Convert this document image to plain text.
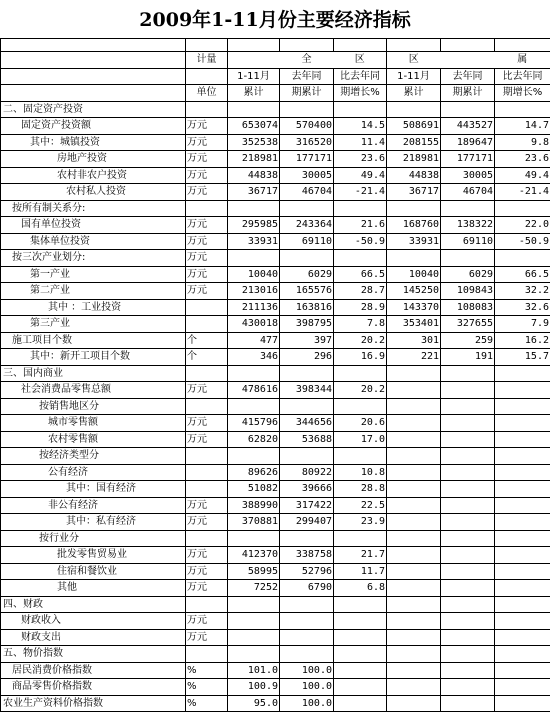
2009年1-11月份主要经济指标

	计量		全	区	区		属
		1-11月	去年同	比去年同	1-11月	去年同	比去年同
	单位	累计	期累计	期增长%	累计	期累计	期增长%
二、固定资产投资							
固定资产投资额	万元	653074	570400	14.5	508691	443527	14.7
其中：城镇投资	万元	352538	316520	11.4	208155	189647	9.8
房地产投资	万元	218981	177171	23.6	218981	177171	23.6
农村非农户投资	万元	44838	30005	49.4	44838	30005	49.4
农村私人投资	万元	36717	46704	-21.4	36717	46704	-21.4
按所有制关系分:							
国有单位投资	万元	295985	243364	21.6	168760	138322	22.0
集体单位投资	万元	33931	69110	-50.9	33931	69110	-50.9
按三次产业划分:	万元						
第一产业	万元	10040	6029	66.5	10040	6029	66.5
第二产业	万元	213016	165576	28.7	145250	109843	32.2
其中 ：工业投资		211136	163816	28.9	143370	108083	32.6
第三产业		430018	398795	7.8	353401	327655	7.9
施工项目个数	个	477	397	20.2	301	259	16.2
其中：新开工项目个数	个	346	296	16.9	221	191	15.7
三、国内商业							
社会消费品零售总额	万元	478616	398344	20.2			
按销售地区分							
城市零售额	万元	415796	344656	20.6			
农村零售额	万元	62820	53688	17.0			
按经济类型分							
公有经济		89626	80922	10.8			
其中：国有经济		51082	39666	28.8			
非公有经济	万元	388990	317422	22.5			
其中：私有经济	万元	370881	299407	23.9			
按行业分							
批发零售贸易业	万元	412370	338758	21.7			
住宿和餐饮业	万元	58995	52796	11.7			
其他	万元	7252	6790	6.8			
四、财政							
财政收入	万元						
财政支出	万元						
五、物价指数							
居民消费价格指数	%	101.0	100.0				
商品零售价格指数	%	100.9	100.0				
农业生产资料价格指数	%	95.0	100.0				
